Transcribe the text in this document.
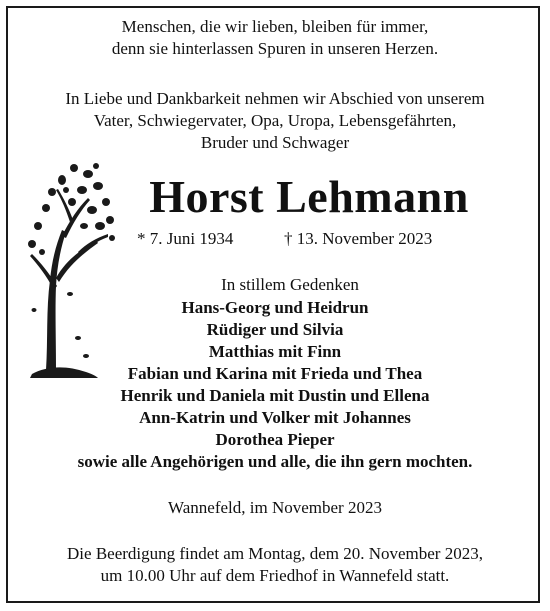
Menschen, die wir lieben, bleiben für immer,
denn sie hinterlassen Spuren in unseren Herzen.
In Liebe und Dankbarkeit nehmen wir Abschied von unserem
Vater, Schwiegervater, Opa, Uropa, Lebensgefährten,
Bruder und Schwager
Horst Lehmann
* 7. Juni 1934	† 13. November 2023
In stillem Gedenken
Hans-Georg und Heidrun
Rüdiger und Silvia
Matthias mit Finn
Fabian und Karina mit Frieda und Thea
Henrik und Daniela mit Dustin und Ellena
Ann-Katrin und Volker mit Johannes
Dorothea Pieper
sowie alle Angehörigen und alle, die ihn gern mochten.
Wannefeld, im November 2023
Die Beerdigung findet am Montag, dem 20. November 2023,
um 10.00 Uhr auf dem Friedhof in Wannefeld statt.
